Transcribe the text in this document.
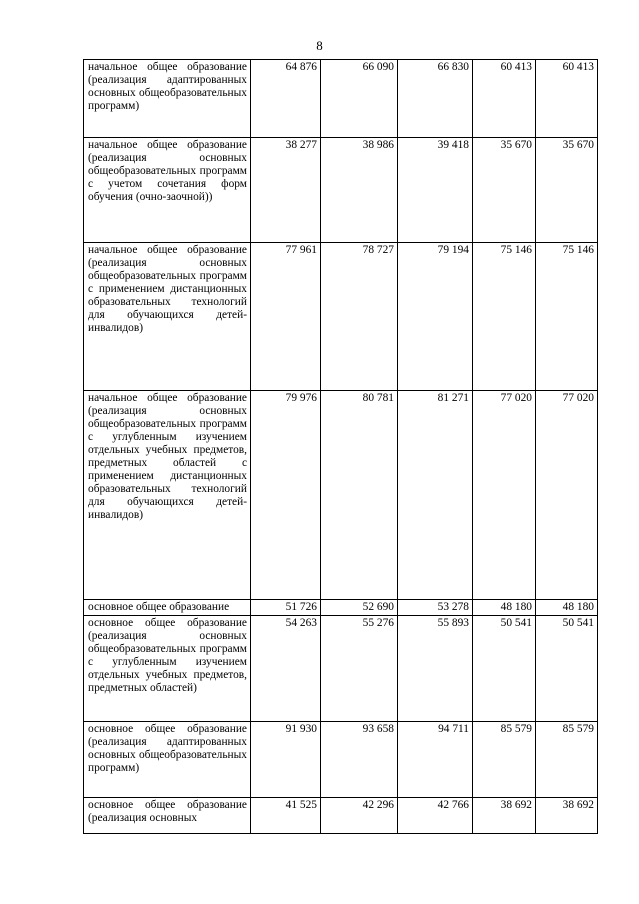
8
начальное общее образование (реализация адаптированных основных общеобразовательных программ)	64 876	66 090	66 830	60 413	60 413
начальное общее образование (реализация основных общеобразовательных программ с учетом сочетания форм обучения (очно-заочной))	38 277	38 986	39 418	35 670	35 670
начальное общее образование (реализация основных общеобразовательных программ с применением дистанционных образовательных технологий для обучающихся детей-инвалидов)	77 961	78 727	79 194	75 146	75 146
начальное общее образование (реализация основных общеобразовательных программ с углубленным изучением отдельных учебных предметов, предметных областей с применением дистанционных образовательных технологий для обучающихся детей-инвалидов)	79 976	80 781	81 271	77 020	77 020
основное общее образование	51 726	52 690	53 278	48 180	48 180
основное общее образование (реализация основных общеобразовательных программ с углубленным изучением отдельных учебных предметов, предметных областей)	54 263	55 276	55 893	50 541	50 541
основное общее образование (реализация адаптированных основных общеобразовательных программ)	91 930	93 658	94 711	85 579	85 579
основное общее образование (реализация основных	41 525	42 296	42 766	38 692	38 692
